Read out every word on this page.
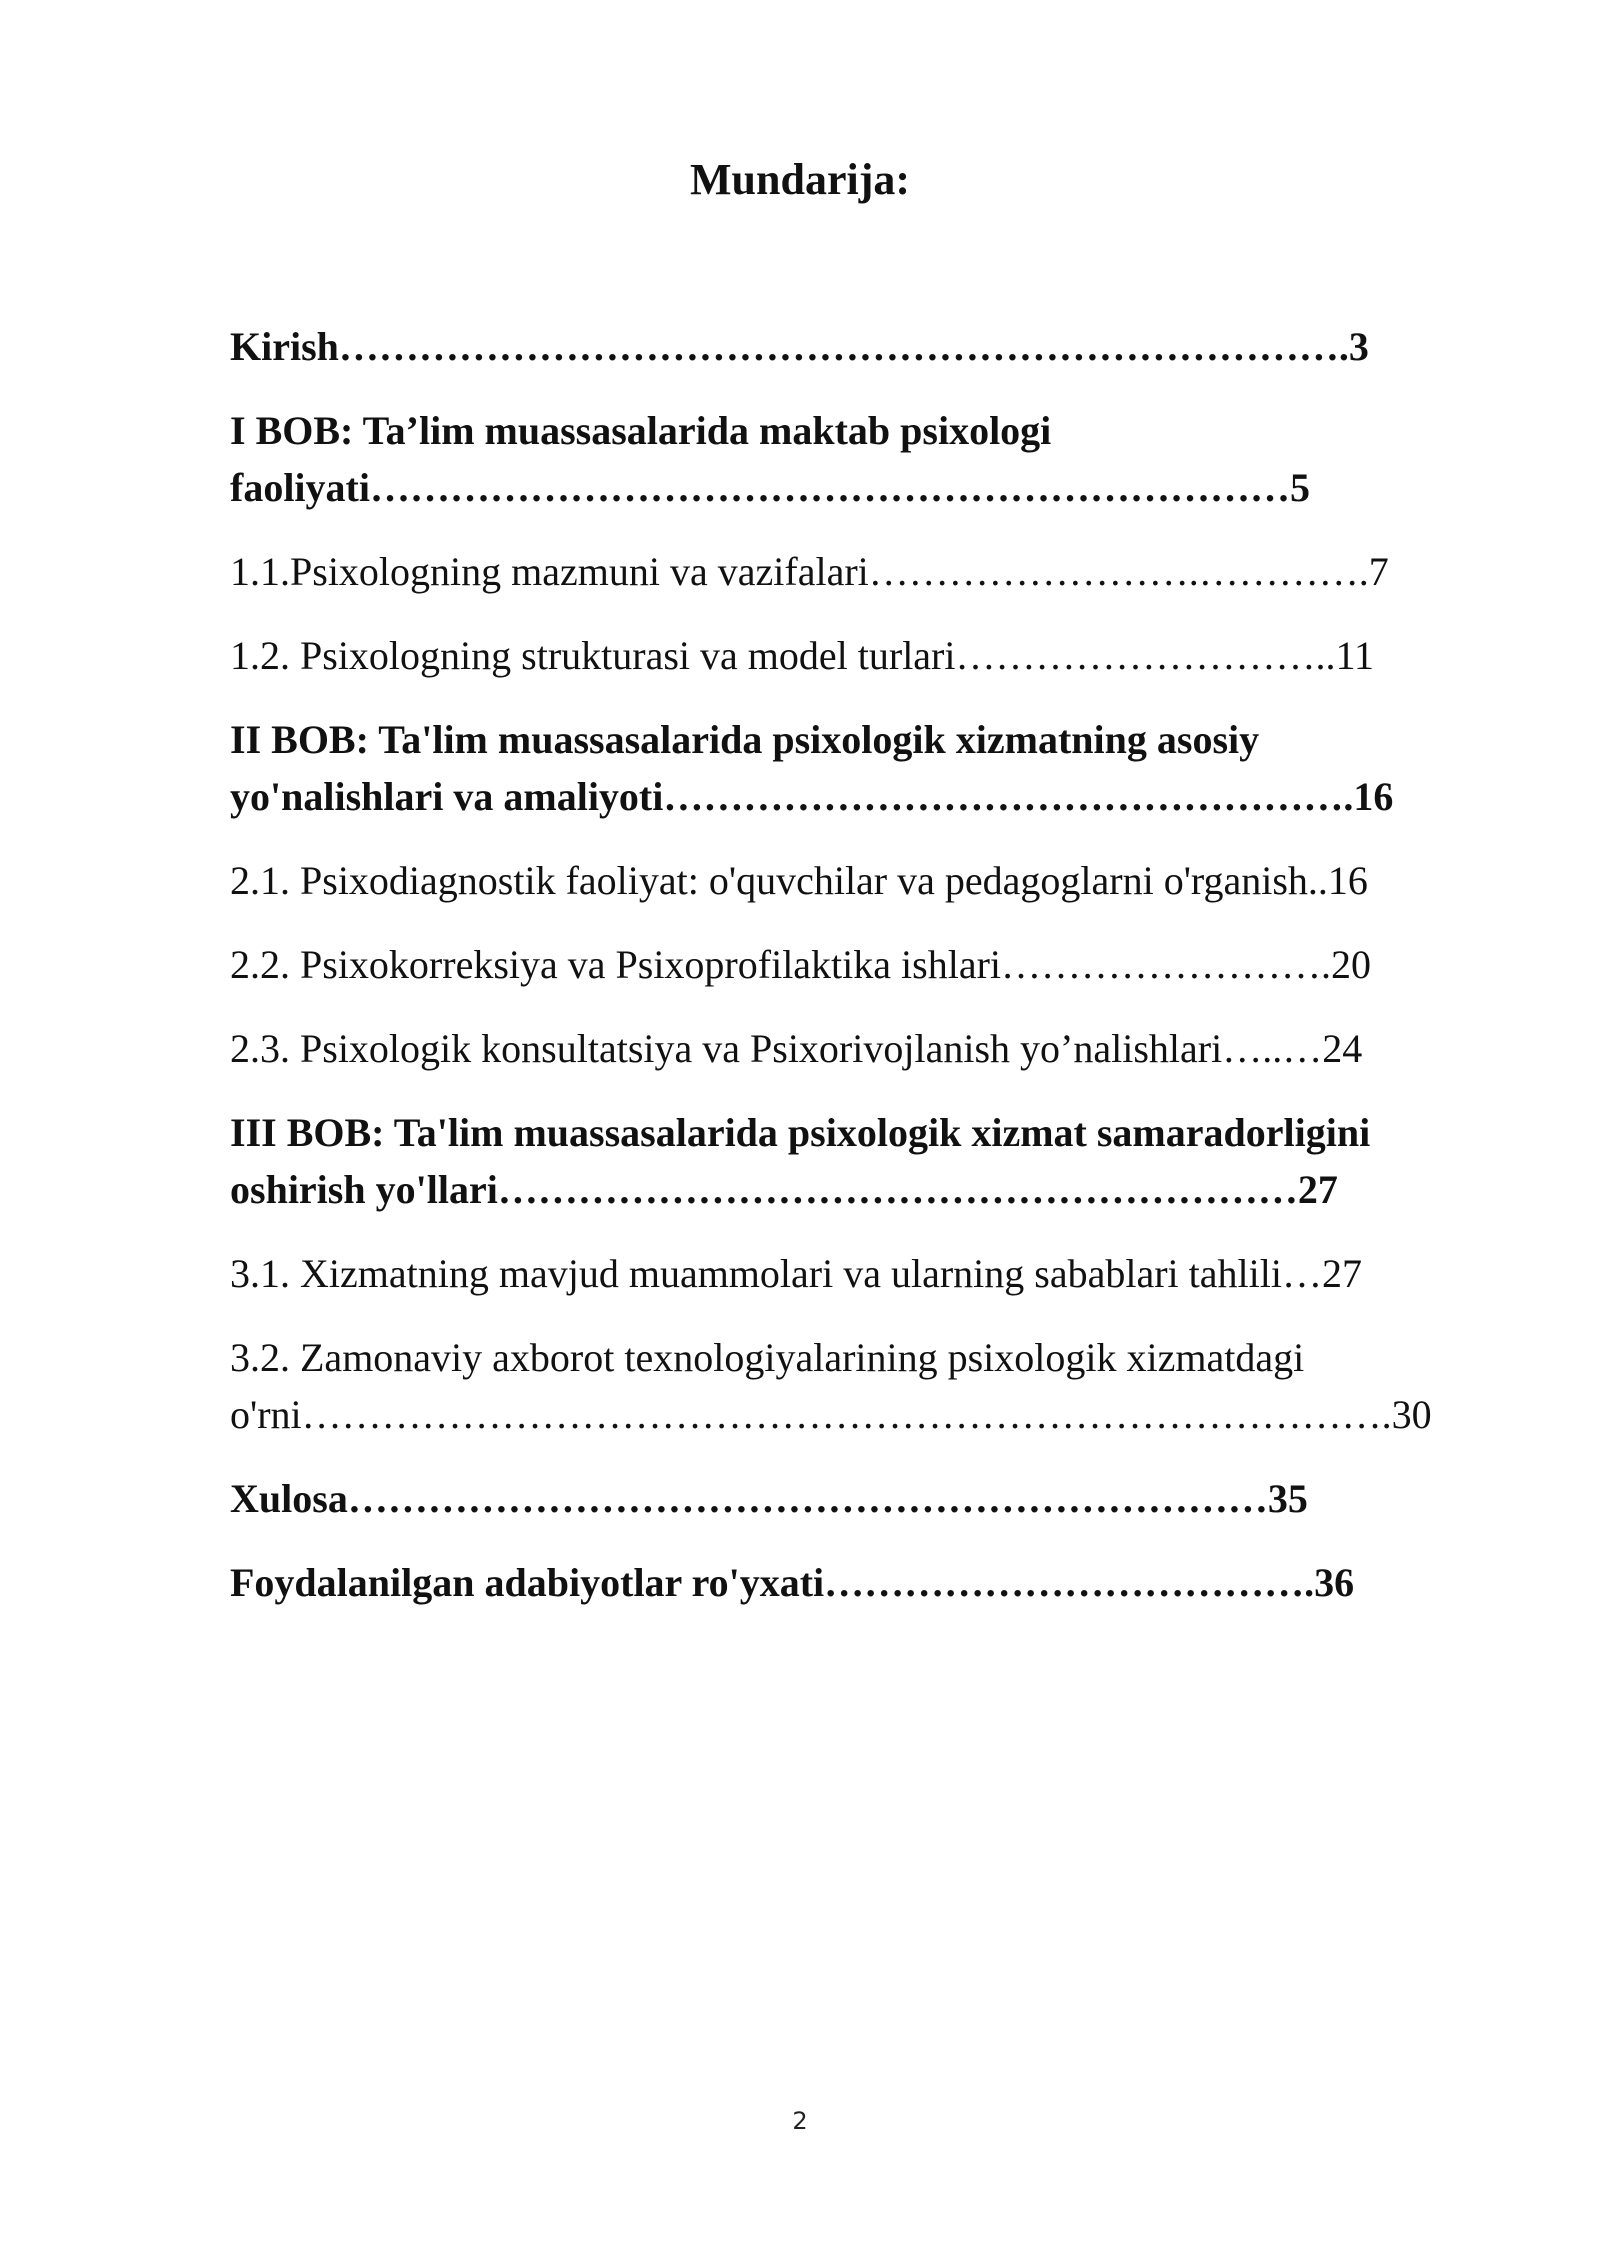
Mundarija:
Kirish………………………………………………………………….3
I BOB: Ta’lim muassasalarida maktab psixologi
faoliyati……………………………………………………………5
1.1.Psixologning mazmuni va vazifalari…………………….………….7
1.2. Psixologning strukturasi va model turlari………………………..11
II BOB: Ta'lim muassasalarida psixologik xizmatning asosiy
yo'nalishlari va amaliyoti…………………………………………….16
2.1. Psixodiagnostik faoliyat: o'quvchilar va pedagoglarni o'rganish..16
2.2. Psixokorreksiya va Psixoprofilaktika ishlari…………………….20
2.3. Psixologik konsultatsiya va Psixorivojlanish yo’nalishlari…..…24
III BOB: Ta'lim muassasalarida psixologik xizmat samaradorligini
oshirish yo'llari……………………………………………………27
3.1. Xizmatning mavjud muammolari va ularning sabablari tahlili…27
3.2. Zamonaviy axborot texnologiyalarining psixologik xizmatdagi
o'rni……………………………………………………………………….30
Xulosa……………………………………………………………35
Foydalanilgan adabiyotlar ro'yxati……………………………….36
2
